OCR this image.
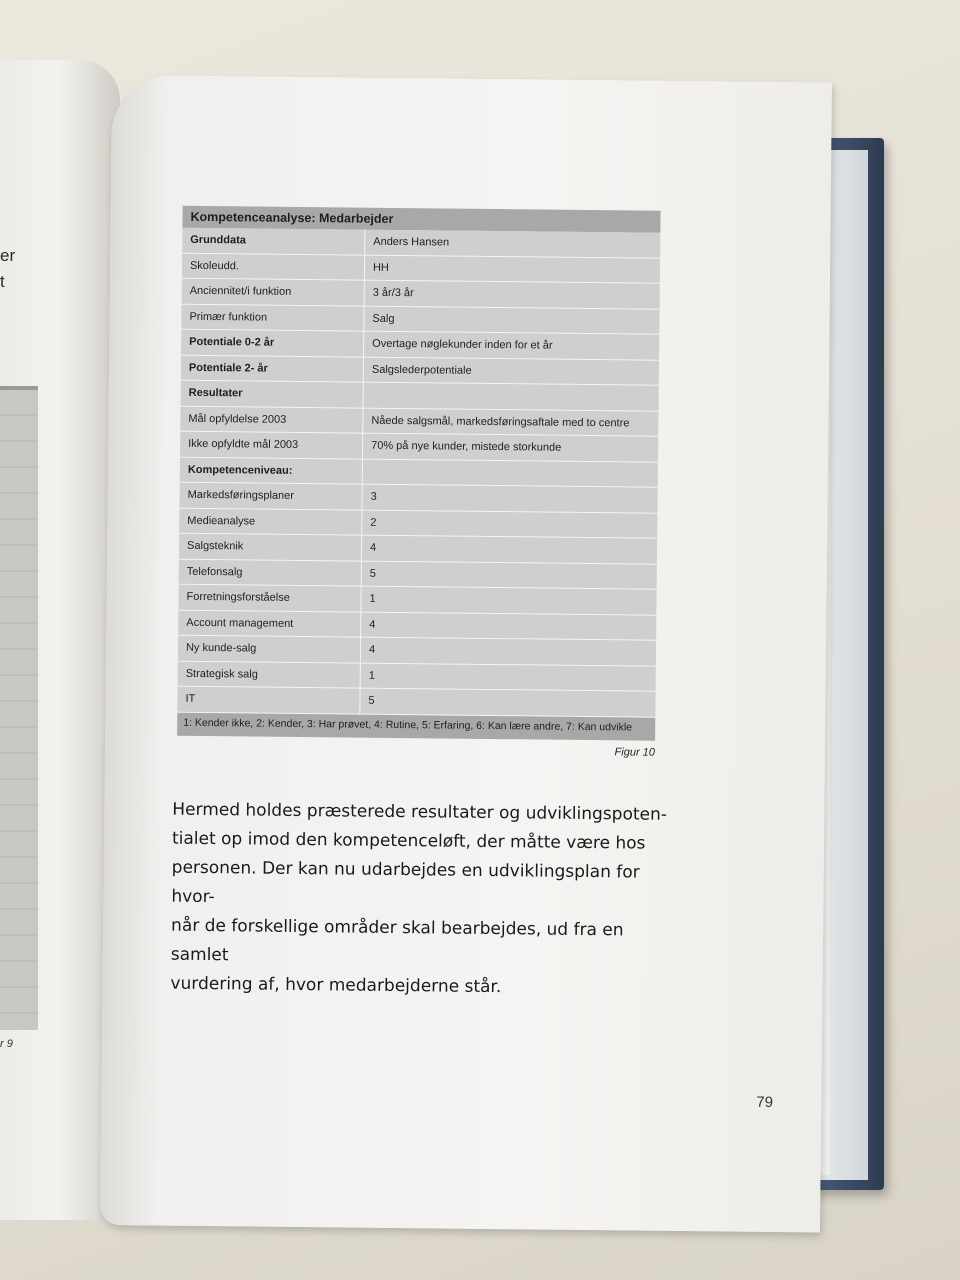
er
t
r 9
Kompetenceanalyse: Medarbejder
Grunddata	Anders Hansen
Skoleudd.	HH
Anciennitet/i funktion	3 år/3 år
Primær funktion	Salg
Potentiale 0-2 år	Overtage nøglekunder inden for et år
Potentiale 2- år	Salgslederpotentiale
Resultater
Mål opfyldelse 2003	Nåede salgsmål, markedsføringsaftale med to centre
Ikke opfyldte mål 2003	70% på nye kunder, mistede storkunde
Kompetenceniveau:
Markedsføringsplaner	3
Medieanalyse	2
Salgsteknik	4
Telefonsalg	5
Forretningsforståelse	1
Account management	4
Ny kunde-salg	4
Strategisk salg	1
IT	5
1: Kender ikke, 2: Kender, 3: Har prøvet, 4: Rutine, 5: Erfaring, 6: Kan lære andre, 7: Kan udvikle
Figur 10

Hermed holdes præsterede resultater og udviklingspoten-

tialet op imod den kompetenceløft, der måtte være hos

personen. Der kan nu udarbejdes en udviklingsplan for hvor-

når de forskellige områder skal bearbejdes, ud fra en samlet

vurdering af, hvor medarbejderne står.

79
